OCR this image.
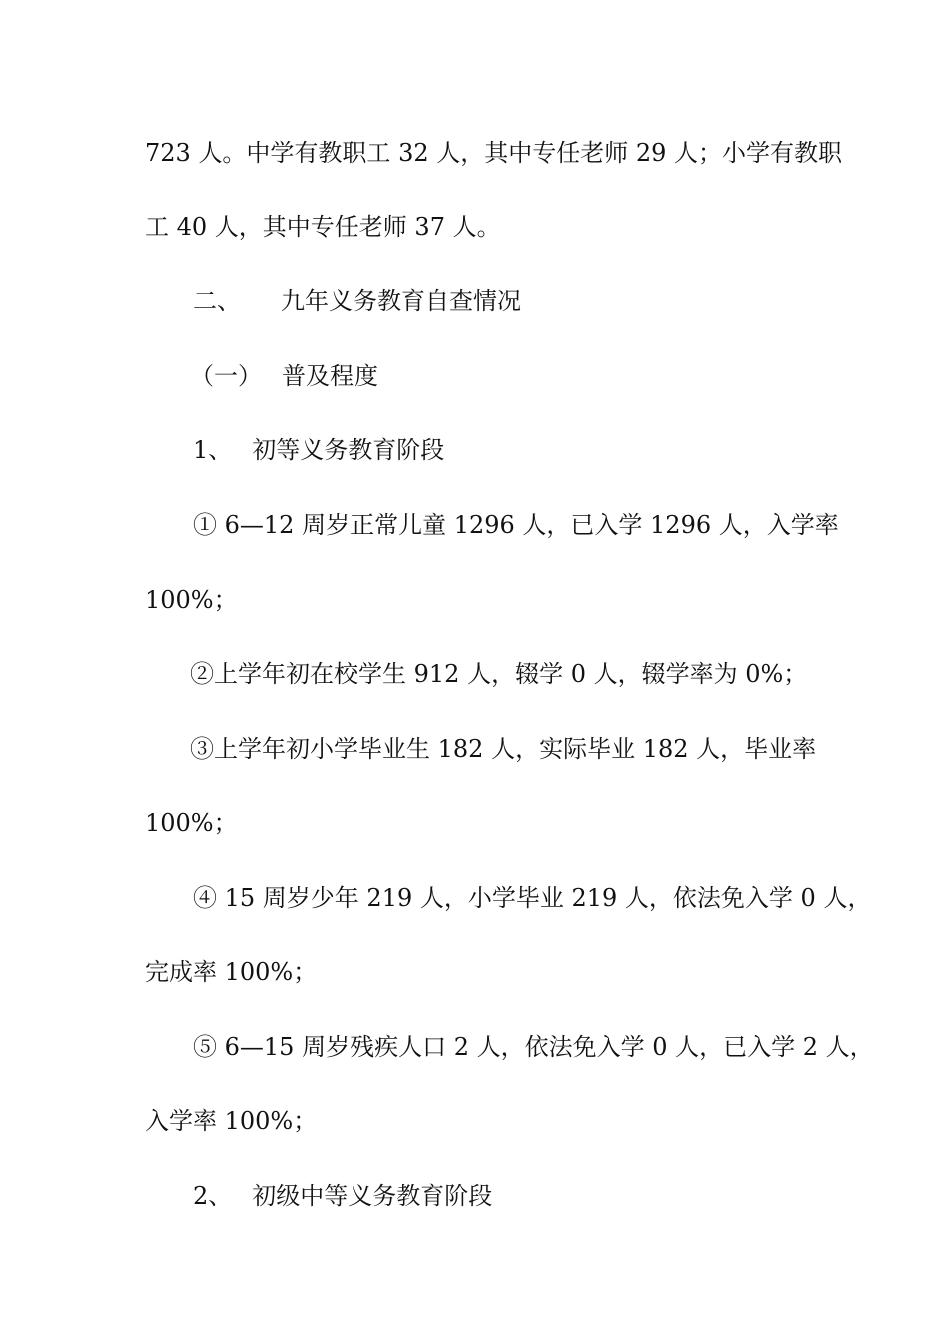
723 人。中学有教职工 32 人，其中专任老师 29 人；小学有教职
工 40 人，其中专任老师 37 人。
二、 九年义务教育自查情况
（一） 普及程度
1、 初等义务教育阶段
① 6—12 周岁正常儿童 1296 人，已入学 1296 人，入学率
100%；
②上学年初在校学生 912 人，辍学 0 人，辍学率为 0%；
③上学年初小学毕业生 182 人，实际毕业 182 人，毕业率
100%；
④ 15 周岁少年 219 人，小学毕业 219 人，依法免入学 0 人，
完成率 100%；
⑤ 6—15 周岁残疾人口 2 人，依法免入学 0 人，已入学 2 人，
入学率 100%；
2、 初级中等义务教育阶段
